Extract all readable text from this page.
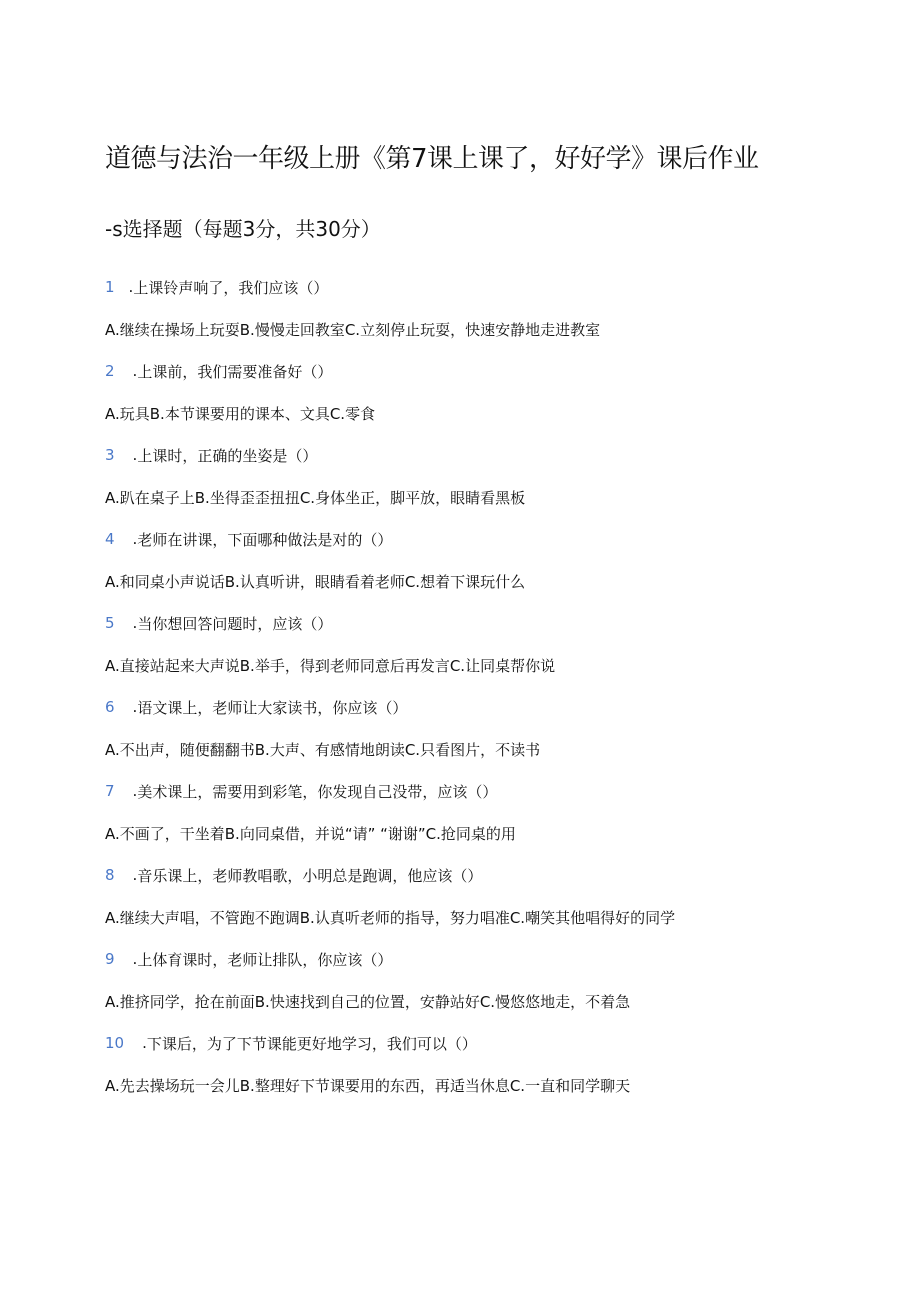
道德与法治一年级上册《第7课上课了，好好学》课后作业
-s选择题（每题3分，共30分）
1 . 上课铃声响了，我们应该（）
A.继续在操场上玩耍B.慢慢走回教室C.立刻停止玩耍，快速安静地走进教室
2 . 上课前，我们需要准备好（）
A.玩具B.本节课要用的课本、文具C.零食
3 . 上课时，正确的坐姿是（）
A.趴在桌子上B.坐得歪歪扭扭C.身体坐正，脚平放，眼睛看黑板
4 . 老师在讲课，下面哪种做法是对的（）
A.和同桌小声说话B.认真听讲，眼睛看着老师C.想着下课玩什么
5 . 当你想回答问题时，应该（）
A.直接站起来大声说B.举手，得到老师同意后再发言C.让同桌帮你说
6 . 语文课上，老师让大家读书，你应该（）
A.不出声，随便翻翻书B.大声、有感情地朗读C.只看图片，不读书
7 . 美术课上，需要用到彩笔，你发现自己没带，应该（）
A.不画了，干坐着B.向同桌借，并说“请” “谢谢”C.抢同桌的用
8 . 音乐课上，老师教唱歌，小明总是跑调，他应该（）
A.继续大声唱，不管跑不跑调B.认真听老师的指导，努力唱准C.嘲笑其他唱得好的同学
9 . 上体育课时，老师让排队，你应该（）
A.推挤同学，抢在前面B.快速找到自己的位置，安静站好C.慢悠悠地走，不着急
10 . 下课后，为了下节课能更好地学习，我们可以（）
A.先去操场玩一会儿B.整理好下节课要用的东西，再适当休息C.一直和同学聊天
